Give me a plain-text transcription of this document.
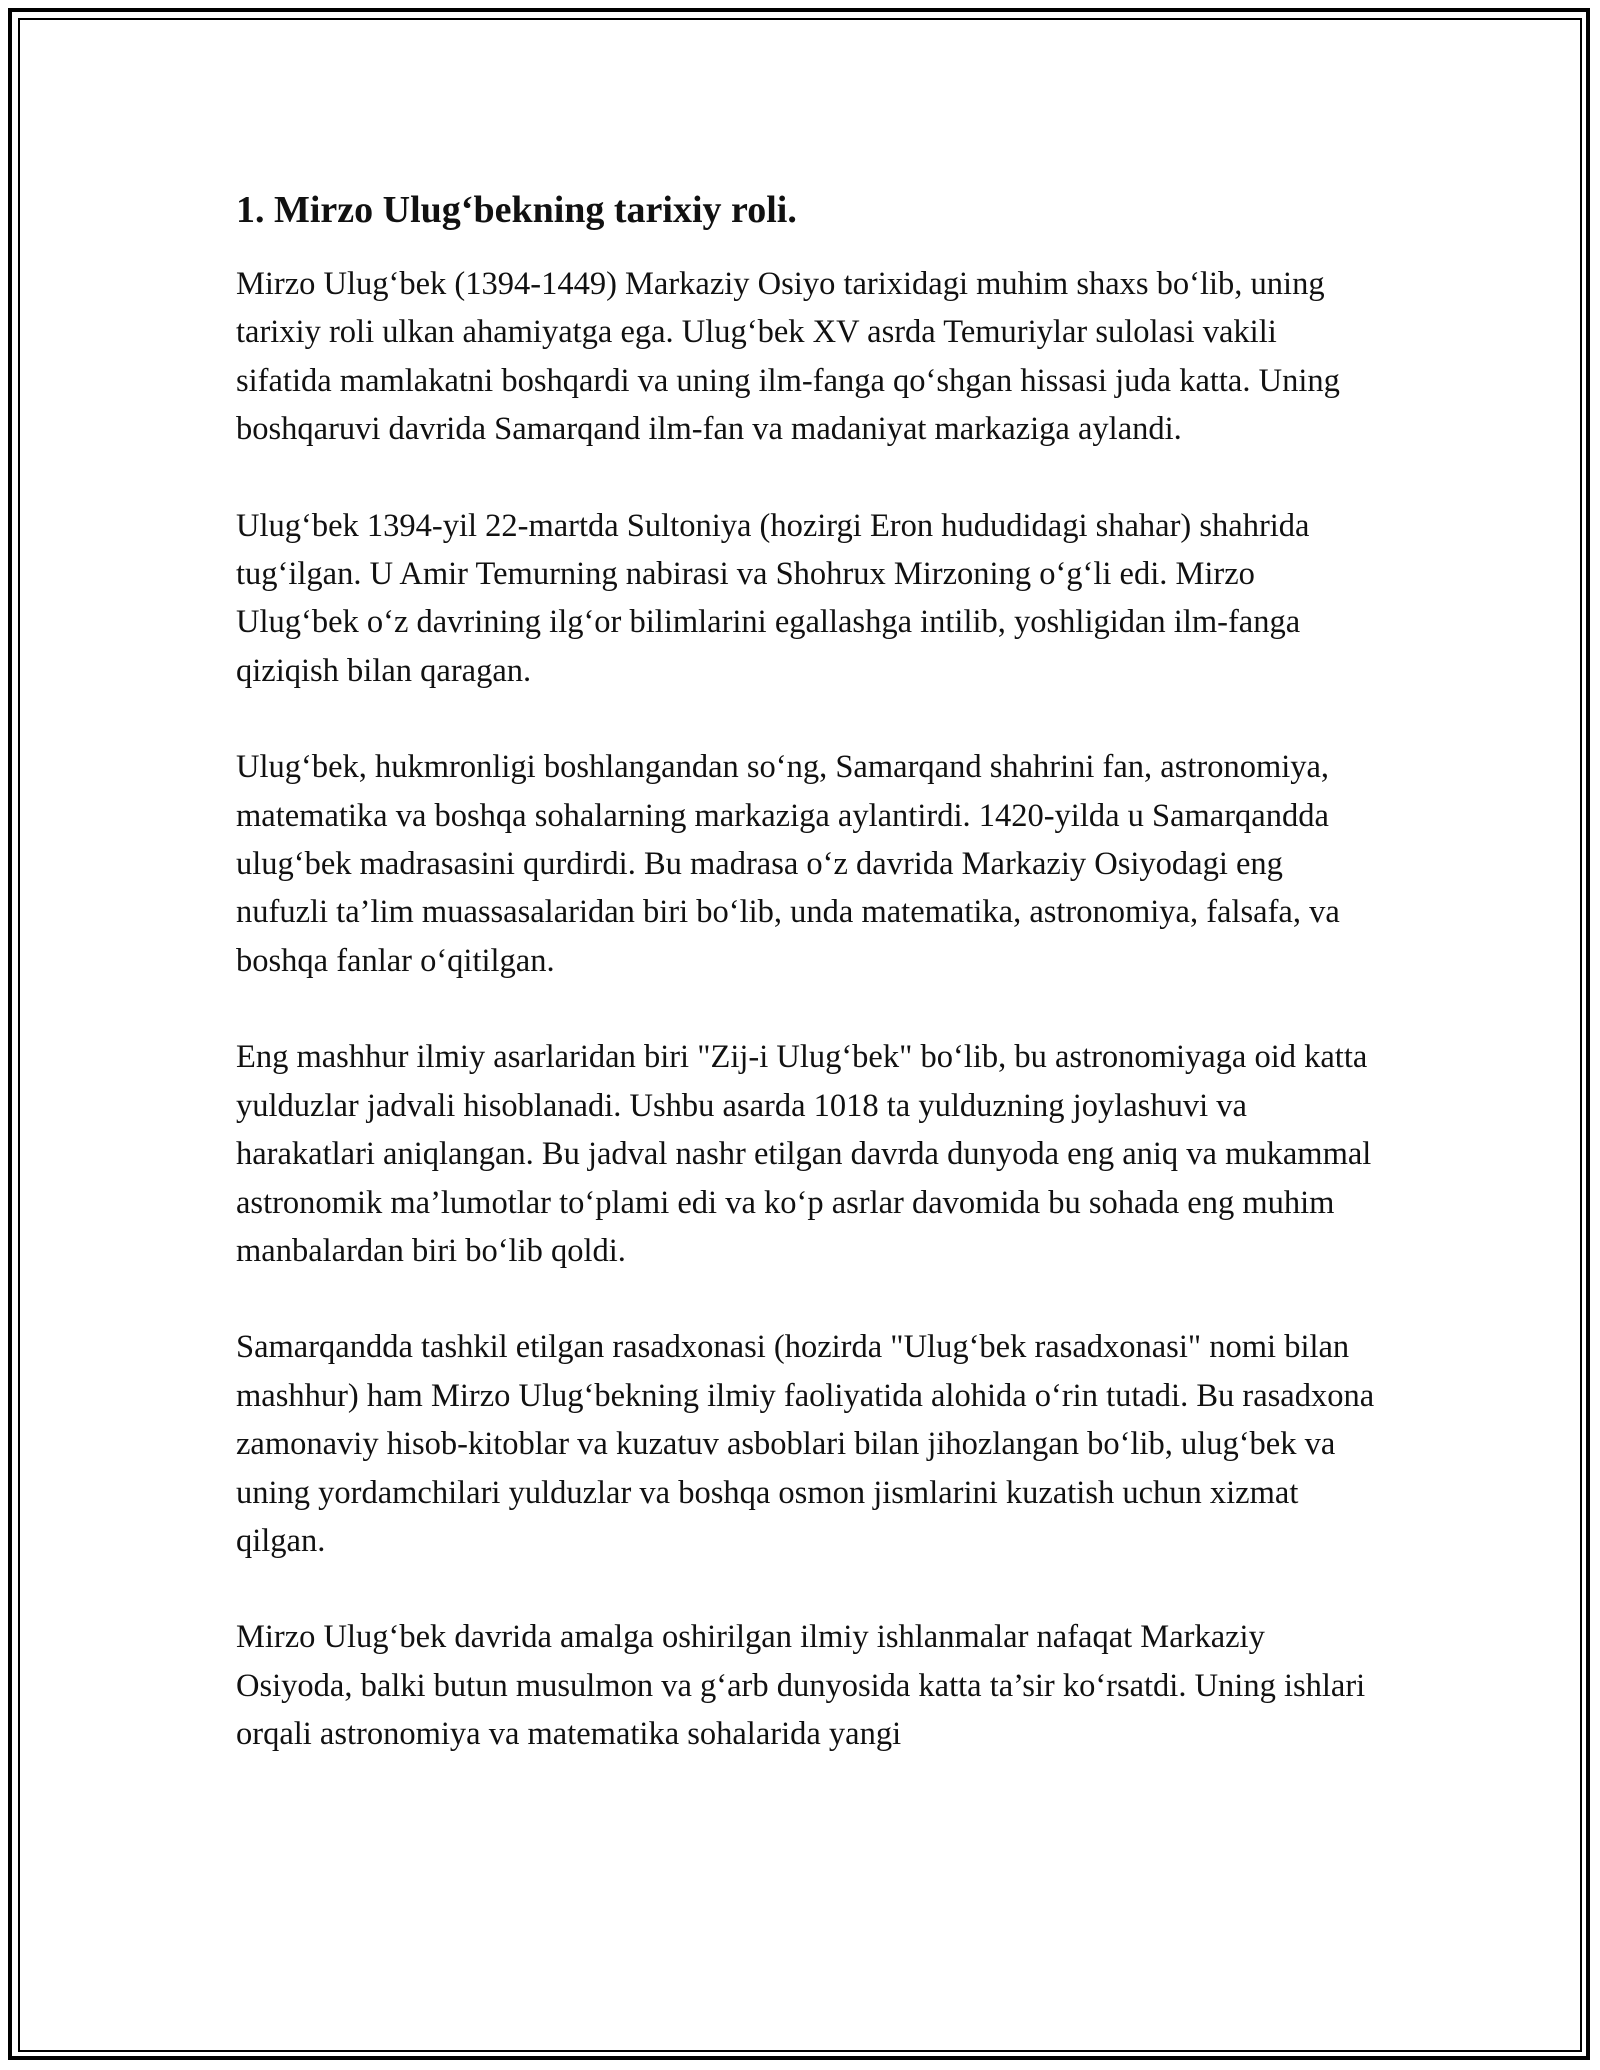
1. Mirzo Ulug‘bekning tarixiy roli.

Mirzo Ulug‘bek (1394-1449) Markaziy Osiyo tarixidagi muhim shaxs bo‘lib, uning tarixiy roli ulkan ahamiyatga ega. Ulug‘bek XV asrda Temuriylar sulolasi vakili sifatida mamlakatni boshqardi va uning ilm-fanga qo‘shgan hissasi juda katta. Uning boshqaruvi davrida Samarqand ilm-fan va madaniyat markaziga aylandi.

Ulug‘bek 1394-yil 22-martda Sultoniya (hozirgi Eron hududidagi shahar) shahrida tug‘ilgan. U Amir Temurning nabirasi va Shohrux Mirzoning o‘g‘li edi. Mirzo Ulug‘bek o‘z davrining ilg‘or bilimlarini egallashga intilib, yoshligidan ilm-fanga qiziqish bilan qaragan.

Ulug‘bek, hukmronligi boshlangandan so‘ng, Samarqand shahrini fan, astronomiya, matematika va boshqa sohalarning markaziga aylantirdi. 1420-yilda u Samarqandda ulug‘bek madrasasini qurdirdi. Bu madrasa o‘z davrida Markaziy Osiyodagi eng nufuzli ta’lim muassasalaridan biri bo‘lib, unda matematika, astronomiya, falsafa, va boshqa fanlar o‘qitilgan.

Eng mashhur ilmiy asarlaridan biri "Zij-i Ulug‘bek" bo‘lib, bu astronomiyaga oid katta yulduzlar jadvali hisoblanadi. Ushbu asarda 1018 ta yulduzning joylashuvi va harakatlari aniqlangan. Bu jadval nashr etilgan davrda dunyoda eng aniq va mukammal astronomik ma’lumotlar to‘plami edi va ko‘p asrlar davomida bu sohada eng muhim manbalardan biri bo‘lib qoldi.

Samarqandda tashkil etilgan rasadxonasi (hozirda "Ulug‘bek rasadxonasi" nomi bilan mashhur) ham Mirzo Ulug‘bekning ilmiy faoliyatida alohida o‘rin tutadi. Bu rasadxona zamonaviy hisob-kitoblar va kuzatuv asboblari bilan jihozlangan bo‘lib, ulug‘bek va uning yordamchilari yulduzlar va boshqa osmon jismlarini kuzatish uchun xizmat qilgan.

Mirzo Ulug‘bek davrida amalga oshirilgan ilmiy ishlanmalar nafaqat Markaziy Osiyoda, balki butun musulmon va g‘arb dunyosida katta ta’sir ko‘rsatdi. Uning ishlari orqali astronomiya va matematika sohalarida yangi
